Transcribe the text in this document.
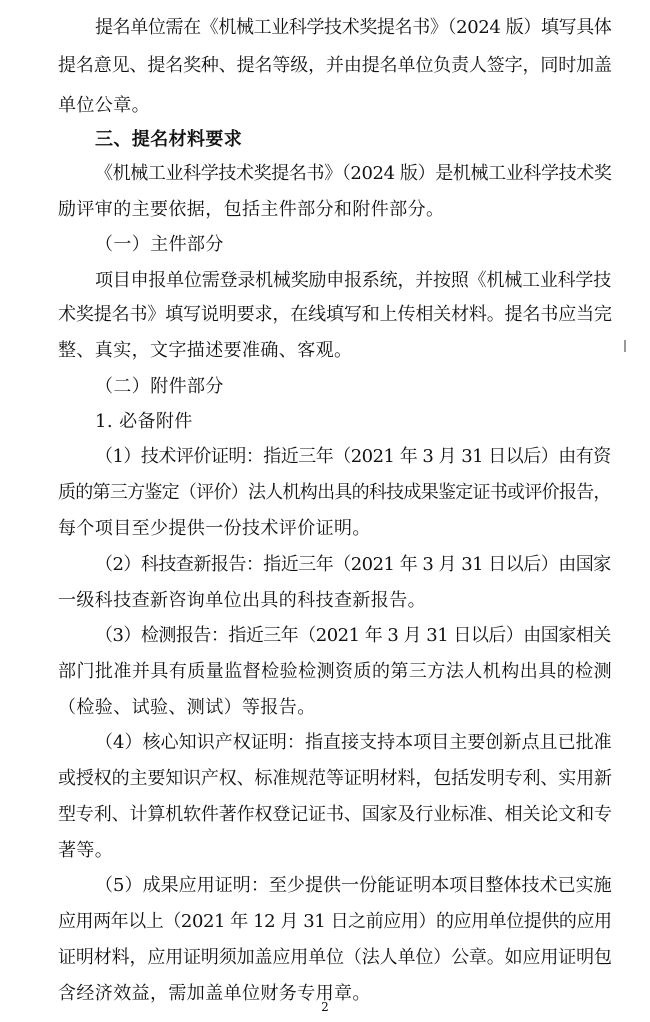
提名单位需在《机械工业科学技术奖提名书》（2024 版）填写具体
提名意见、提名奖种、提名等级，并由提名单位负责人签字，同时加盖
单位公章。
三、提名材料要求
《机械工业科学技术奖提名书》（2024 版）是机械工业科学技术奖
励评审的主要依据，包括主件部分和附件部分。
（一）主件部分
项目申报单位需登录机械奖励申报系统，并按照《机械工业科学技
术奖提名书》填写说明要求，在线填写和上传相关材料。提名书应当完
整、真实，文字描述要准确、客观。
（二）附件部分
1. 必备附件
（1）技术评价证明：指近三年（2021 年 3 月 31 日以后）由有资
质的第三方鉴定（评价）法人机构出具的科技成果鉴定证书或评价报告，
每个项目至少提供一份技术评价证明。
（2）科技查新报告：指近三年（2021 年 3 月 31 日以后）由国家
一级科技查新咨询单位出具的科技查新报告。
（3）检测报告：指近三年（2021 年 3 月 31 日以后）由国家相关
部门批准并具有质量监督检验检测资质的第三方法人机构出具的检测
（检验、试验、测试）等报告。
（4）核心知识产权证明：指直接支持本项目主要创新点且已批准
或授权的主要知识产权、标准规范等证明材料，包括发明专利、实用新
型专利、计算机软件著作权登记证书、国家及行业标准、相关论文和专
著等。
（5）成果应用证明：至少提供一份能证明本项目整体技术已实施
应用两年以上（2021 年 12 月 31 日之前应用）的应用单位提供的应用
证明材料，应用证明须加盖应用单位（法人单位）公章。如应用证明包
含经济效益，需加盖单位财务专用章。
2
